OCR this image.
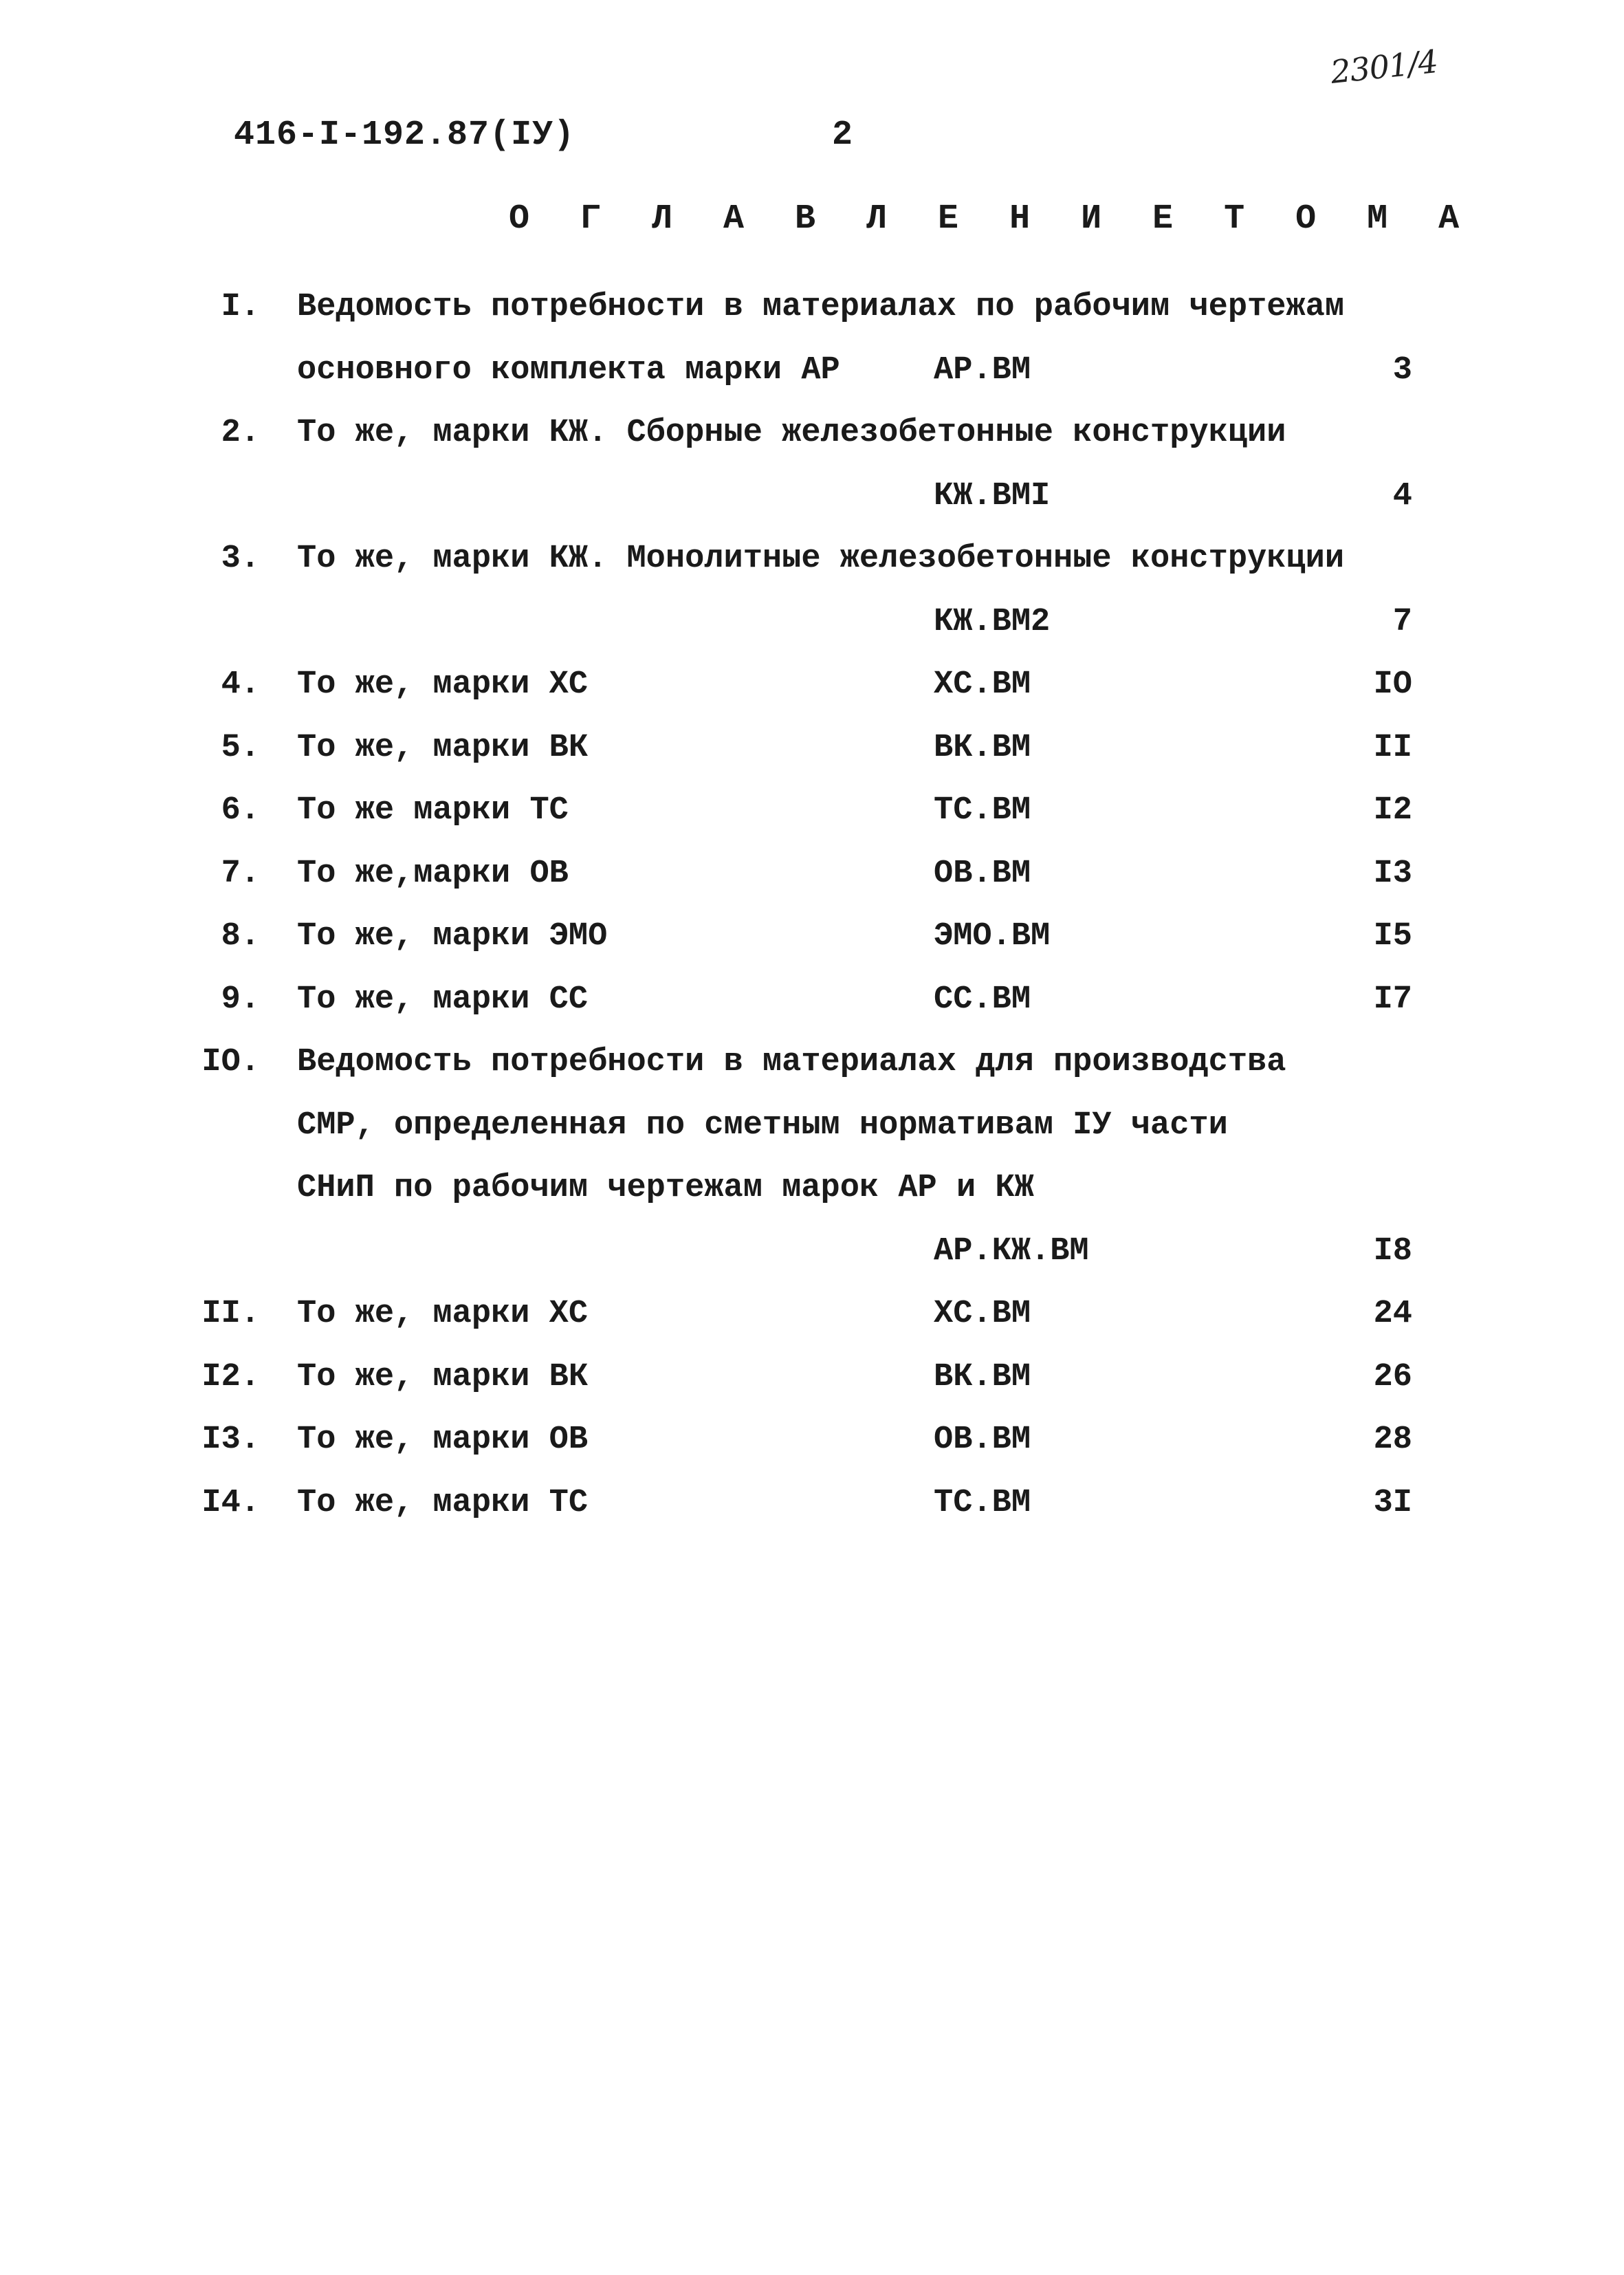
2301/4
416-I-192.87(IУ)	2
О Г Л А В Л Е Н И Е Т О М А
I. Ведомость потребности в материалах по рабочим чертежам
основного комплекта марки АР	АР.ВМ	3
2. То же, марки КЖ. Сборные железобетонные конструкции
КЖ.ВМI	4
3. То же, марки КЖ. Монолитные железобетонные конструкции
КЖ.ВМ2	7
4. То же, марки ХС	ХС.ВМ	IO
5. То же, марки ВК	ВК.ВМ	II
6. То же марки ТС	ТС.ВМ	I2
7. То же,марки ОВ	ОВ.ВМ	I3
8. То же, марки ЭМО	ЭМО.ВМ	I5
9. То же, марки СС	СС.ВМ	I7
IO. Ведомость потребности в материалах для производства
СМР, определенная по сметным нормативам IУ части
СНиП по рабочим чертежам марок АР и КЖ
АР.КЖ.ВМ	I8
II. То же, марки ХС	ХС.ВМ	24
I2. То же, марки ВК	ВК.ВМ	26
I3. То же, марки ОВ	ОВ.ВМ	28
I4. То же, марки ТС	ТС.ВМ	3I
